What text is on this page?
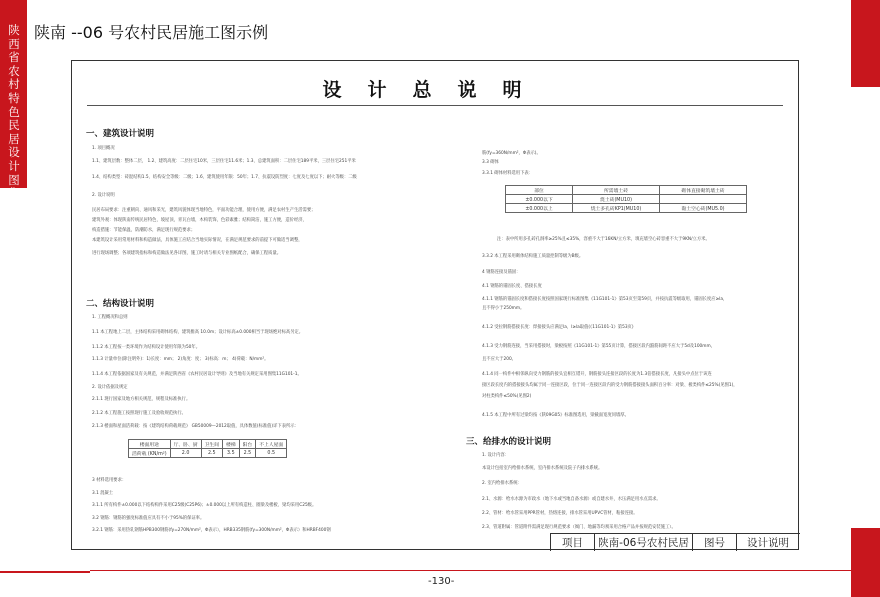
陕西省农村特色民居设计图集
陕南 --06 号农村民居施工图示例
-130-
设计总说明
一、建筑设计说明
1. 项目概况
1.1、建筑层数：整体二层， 1.2、建筑高度：二层住宅10米，三层住宅11.6米；1.3、总建筑面积：二层住宅189平米，三层住宅251平米
1.4、结构类型：砖混结构1.5、结构安全等级：二级；1.6、建筑使用年限：50年；1.7、抗震设防烈度：七度及七度以下；耐火等级：二级
2. 设计说明
民居布局要求：注重朝向、通风和采光，建筑风貌体现当地特色，平面功能合理，使用方便，满足农村生产生活需要；
建筑外观：体现陕南传统民居特色，坡屋顶，青瓦白墙，木构装饰，色彩素雅；结构简洁，施工方便，造价经济，
构造措施：节能保温，防潮防水，满足现行规范要求；
本建筑设计采用常用材料和构造做法，具体施工应结合当地实际情况，在满足规范要求的前提下可做适当调整，
进行现场调整；各项建筑指标和构造做法见各详图，施工时请与相关专业图纸配合，确保工程质量。
二、结构设计说明
1. 工程概况和总则
1.1 本工程地上二层，主体结构采用砌体结构，建筑檐高 10.0m；设计标高±0.000相当于现场绝对标高另定。
1.1.2 本工程按一类环境作为结构设计使用年限为50年。
1.1.3 计量单位(除注明外)：1)长度：mm； 2)角度：度； 3)标高：m； 4)荷载：N/mm²。
1.1.4 本工程依据国家及有关规范，并满足陕西省《农村民居设计导则》及当地有关规定采用图集11G101-1。
2. 设计依据及规定
2.1.1 现行国家及地方相关规范、规程及标准执行。
2.1.2 本工程施工按照现行施工及验收规范执行。
2.1.3 楼面和屋面活荷载：按《建筑结构荷载规范》 GB50009—2012取值，具体数值(标准值)详下表所示：
楼面用途	厅、卧、厨	卫生间	楼梯	阳台	不上人屋面
活荷载 (KN/m²)	2.0	2.5	3.5	2.5	0.5
3 材料选用要求：
3.1 混凝土
3.1.1 所有构件±0.000以下结构构件采用C25级(C25P6)；±0.000以上所有构造柱、圈梁及楼板、梁均采用C25级。
3.2 钢筋：钢筋的强度标准值应具有不小于95%的保证率。
3.2.1 钢筋：采用热轧钢筋HPB300钢筋(fy=270N/mm²，Φ表示），HRB335钢筋(fy=300N/mm²，Φ表示）和HRBF400钢
筋(fy=360N/mm²，Φ表示)。
3.3 砌体
3.3.1 砌体材料选用下表：
部位	所需墙土砖	砌体直接砌筑墙土砖
±0.000以下	烧土砖(MU10)	
±0.000以上	烧土多孔砖KP1(MU10)	黏土空心砖(MU5.0)
注：表中所用多孔砖孔洞率≥25%且≤35%，容重不大于16KN/立方米，填充墙空心砖容重不大于9KN/立方米。
3.3.2 本工程采用砌体结构施工质量控制等级为B级。
4 钢筋连接及锚固：
4.1 钢筋的锚固长度、搭接长度
4.1.1 钢筋的锚固长度和搭接长度按照国家现行标准图集《11G101-1》第53页至第59页，并按抗震等级取用，锚固长度应≥la，
且不得小于250mm。
4.1.2 受拉钢筋搭接长度：焊接接头应满足la，l≥la取值(《11G101-1》第53页)
4.1.3 受力钢筋连接，当采用搭接时，梁板按照《11G101-1》第55页计算，搭接区段内箍筋间距不应大于5d及100mm，
且不应大于200。
4.1.4 同一构件中相邻纵向受力钢筋的接头宜相互错开，钢筋接头连接区段的长度为1.3倍搭接长度，凡接头中点位于该连
接区段长度内的搭接接头均属于同一连接区段，位于同一连接区段内的受力钢筋搭接接头面积百分率：对梁、板类构件≤25%(见图1)，
对柱类构件≤50%(见图2)
4.1.5 本工程中所有过梁均按《陕09G05》标准图选用，梁截面宽度同墙厚。
三、给排水的设计说明
1. 设计内容：
本设计包括室内给排水系统，室内排水系统及院子内排水系统。
2. 室内给排水系统：
2.1、水源：给水水源为市政水（地下水或当地自备水源）或自建水井，水压满足用水点需求。
2.2、管材：给水管采用PPR管材，热熔连接，排水管采用UPVC管材，粘接连接。
2.3、管道附属：管道附件需满足现行规范要求（阀门、地漏等均须采用合格产品并按规范安装施工）。
项目	陕南-06号农村民居	图号	设计说明
